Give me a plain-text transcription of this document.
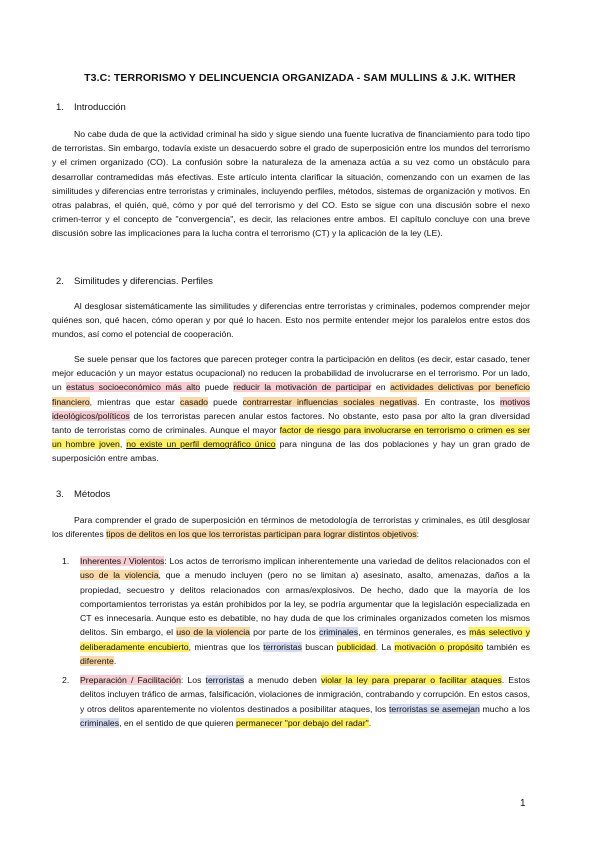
T3.C: TERRORISMO Y DELINCUENCIA ORGANIZADA - SAM MULLINS & J.K. WITHER
1. Introducción
No cabe duda de que la actividad criminal ha sido y sigue siendo una fuente lucrativa de financiamiento para todo tipo de terroristas. Sin embargo, todavía existe un desacuerdo sobre el grado de superposición entre los mundos del terrorismo y el crimen organizado (CO). La confusión sobre la naturaleza de la amenaza actúa a su vez como un obstáculo para desarrollar contramedidas más efectivas. Este artículo intenta clarificar la situación, comenzando con un examen de las similitudes y diferencias entre terroristas y criminales, incluyendo perfiles, métodos, sistemas de organización y motivos. En otras palabras, el quién, qué, cómo y por qué del terrorismo y del CO. Esto se sigue con una discusión sobre el nexo crimen-terror y el concepto de "convergencia", es decir, las relaciones entre ambos. El capítulo concluye con una breve discusión sobre las implicaciones para la lucha contra el terrorismo (CT) y la aplicación de la ley (LE).
2. Similitudes y diferencias. Perfiles
Al desglosar sistemáticamente las similitudes y diferencias entre terroristas y criminales, podemos comprender mejor quiénes son, qué hacen, cómo operan y por qué lo hacen. Esto nos permite entender mejor los paralelos entre estos dos mundos, así como el potencial de cooperación.
Se suele pensar que los factores que parecen proteger contra la participación en delitos (es decir, estar casado, tener mejor educación y un mayor estatus ocupacional) no reducen la probabilidad de involucrarse en el terrorismo. Por un lado, un estatus socioeconómico más alto puede reducir la motivación de participar en actividades delictivas por beneficio financiero, mientras que estar casado puede contrarrestar influencias sociales negativas. En contraste, los motivos ideológicos/políticos de los terroristas parecen anular estos factores. No obstante, esto pasa por alto la gran diversidad tanto de terroristas como de criminales. Aunque el mayor factor de riesgo para involucrarse en terrorismo o crimen es ser un hombre joven, no existe un perfil demográfico único para ninguna de las dos poblaciones y hay un gran grado de superposición entre ambas.
3. Métodos
Para comprender el grado de superposición en términos de metodología de terroristas y criminales, es útil desglosar los diferentes tipos de delitos en los que los terroristas participan para lograr distintos objetivos:
1. Inherentes / Violentos: Los actos de terrorismo implican inherentemente una variedad de delitos relacionados con el uso de la violencia, que a menudo incluyen (pero no se limitan a) asesinato, asalto, amenazas, daños a la propiedad, secuestro y delitos relacionados con armas/explosivos. De hecho, dado que la mayoría de los comportamientos terroristas ya están prohibidos por la ley, se podría argumentar que la legislación especializada en CT es innecesaria. Aunque esto es debatible, no hay duda de que los criminales organizados cometen los mismos delitos. Sin embargo, el uso de la violencia por parte de los criminales, en términos generales, es más selectivo y deliberadamente encubierto, mientras que los terroristas buscan publicidad. La motivación o propósito también es diferente.
2. Preparación / Facilitación: Los terroristas a menudo deben violar la ley para preparar o facilitar ataques. Estos delitos incluyen tráfico de armas, falsificación, violaciones de inmigración, contrabando y corrupción. En estos casos, y otros delitos aparentemente no violentos destinados a posibilitar ataques, los terroristas se asemejan mucho a los criminales, en el sentido de que quieren permanecer "por debajo del radar".
1
